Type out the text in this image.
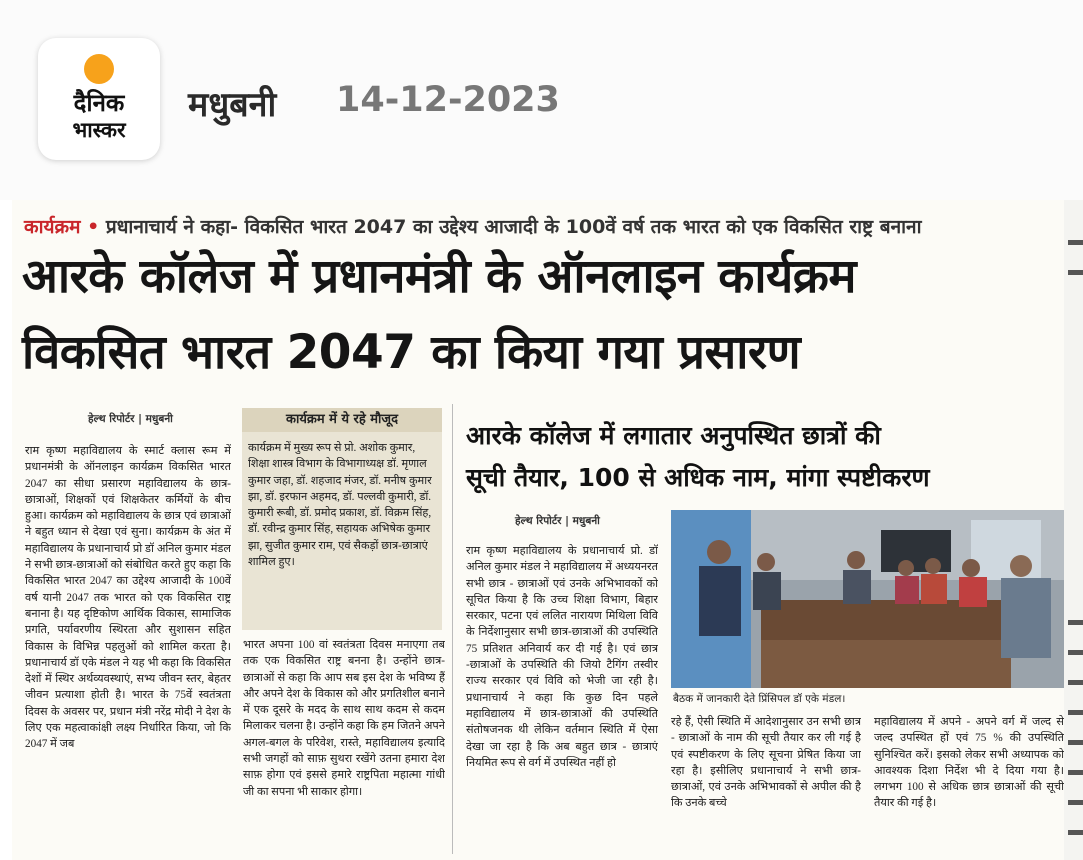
दैनिक
भास्कर
मधुबनी 14-12-2023
कार्यक्रम • प्रधानाचार्य ने कहा- विकसित भारत 2047 का उद्देश्य आजादी के 100वें वर्ष तक भारत को एक विकसित राष्ट्र बनाना
आरके कॉलेज में प्रधानमंत्री के ऑनलाइन कार्यक्रम
विकसित भारत 2047 का किया गया प्रसारण
हेल्थ रिपोर्टर | मधुबनी

राम कृष्ण महाविद्यालय के स्मार्ट क्लास रूम में प्रधानमंत्री के ऑनलाइन कार्यक्रम विकसित भारत 2047 का सीधा प्रसारण महाविद्यालय के छात्र-छात्राओं, शिक्षकों एवं शिक्षकेतर कर्मियों के बीच हुआ। कार्यक्रम को महाविद्यालय के छात्र एवं छात्राओं ने बहुत ध्यान से देखा एवं सुना। कार्यक्रम के अंत में महाविद्यालय के प्रधानाचार्य प्रो डॉ अनिल कुमार मंडल ने सभी छात्र-छात्राओं को संबोधित करते हुए कहा कि विकसित भारत 2047 का उद्देश्य आजादी के 100वें वर्ष यानी 2047 तक भारत को एक विकसित राष्ट्र बनाना है। यह दृष्टिकोण आर्थिक विकास, सामाजिक प्रगति, पर्यावरणीय स्थिरता और सुशासन सहित विकास के विभिन्न पहलुओं को शामिल करता है। प्रधानाचार्य डॉ एके मंडल ने यह भी कहा कि विकसित देशों में स्थिर अर्थव्यवस्थाएं, सभ्य जीवन स्तर, बेहतर जीवन प्रत्याशा होती है। भारत के 75वें स्वतंत्रता दिवस के अवसर पर, प्रधान मंत्री नरेंद्र मोदी ने देश के लिए एक महत्वाकांक्षी लक्ष्य निर्धारित किया, जो कि 2047 में जब

कार्यक्रम में ये रहे मौजूद
कार्यक्रम में मुख्य रूप से प्रो. अशोक कुमार, शिक्षा शास्त्र विभाग के विभागाध्यक्ष डॉ. मृणाल कुमार जहा, डॉ. शहजाद मंजर, डॉ. मनीष कुमार झा, डॉ. इरफान अहमद, डॉ. पल्लवी कुमारी, डॉ. कुमारी रूबी, डॉ. प्रमोद प्रकाश, डॉ. विक्रम सिंह, डॉ. रवीन्द्र कुमार सिंह, सहायक अभिषेक कुमार झा, सुजीत कुमार राम, एवं सैकड़ों छात्र-छात्राएं शामिल हुए।

भारत अपना 100 वां स्वतंत्रता दिवस मनाएगा तब तक एक विकसित राष्ट्र बनना है। उन्होंने छात्र-छात्राओं से कहा कि आप सब इस देश के भविष्य हैं और अपने देश के विकास को और प्रगतिशील बनाने में एक दूसरे के मदद के साथ साथ कदम से कदम मिलाकर चलना है। उन्होंने कहा कि हम जितने अपने अगल-बगल के परिवेश, रास्ते, महाविद्यालय इत्यादि सभी जगहों को साफ़ सुथरा रखेंगे उतना हमारा देश साफ़ होगा एवं इससे हमारे राष्ट्रपिता महात्मा गांधी जी का सपना भी साकार होगा।

आरके कॉलेज में लगातार अनुपस्थित छात्रों की
सूची तैयार, 100 से अधिक नाम, मांगा स्पष्टीकरण
हेल्थ रिपोर्टर | मधुबनी

राम कृष्ण महाविद्यालय के प्रधानाचार्य प्रो. डॉ अनिल कुमार मंडल ने महाविद्यालय में अध्ययनरत सभी छात्र - छात्राओं एवं उनके अभिभावकों को सूचित किया है कि उच्च शिक्षा विभाग, बिहार सरकार, पटना एवं ललित नारायण मिथिला विवि के निर्देशानुसार सभी छात्र-छात्राओं की उपस्थिति 75 प्रतिशत अनिवार्य कर दी गई है। एवं छात्र -छात्राओं के उपस्थिति की जियो टैगिंग तस्वीर राज्य सरकार एवं विवि को भेजी जा रही है। प्रधानाचार्य ने कहा कि कुछ दिन पहले महाविद्यालय में छात्र-छात्राओं की उपस्थिति संतोषजनक थी लेकिन वर्तमान स्थिति में ऐसा देखा जा रहा है कि अब बहुत छात्र - छात्राएं नियमित रूप से वर्ग में उपस्थित नहीं हो

बैठक में जानकारी देते प्रिंसिपल डॉ एके मंडल।

रहे हैं, ऐसी स्थिति में आदेशानुसार उन सभी छात्र - छात्राओं के नाम की सूची तैयार कर ली गई है एवं स्पष्टीकरण के लिए सूचना प्रेषित किया जा रहा है। इसीलिए प्रधानाचार्य ने सभी छात्र-छात्राओं, एवं उनके अभिभावकों से अपील की है कि उनके बच्चे

महाविद्यालय में अपने - अपने वर्ग में जल्द से जल्द उपस्थित हों एवं 75 % की उपस्थिति सुनिश्चित करें। इसको लेकर सभी अध्यापक को आवश्यक दिशा निर्देश भी दे दिया गया है। लगभग 100 से अधिक छात्र छात्राओं की सूची तैयार की गई है।
